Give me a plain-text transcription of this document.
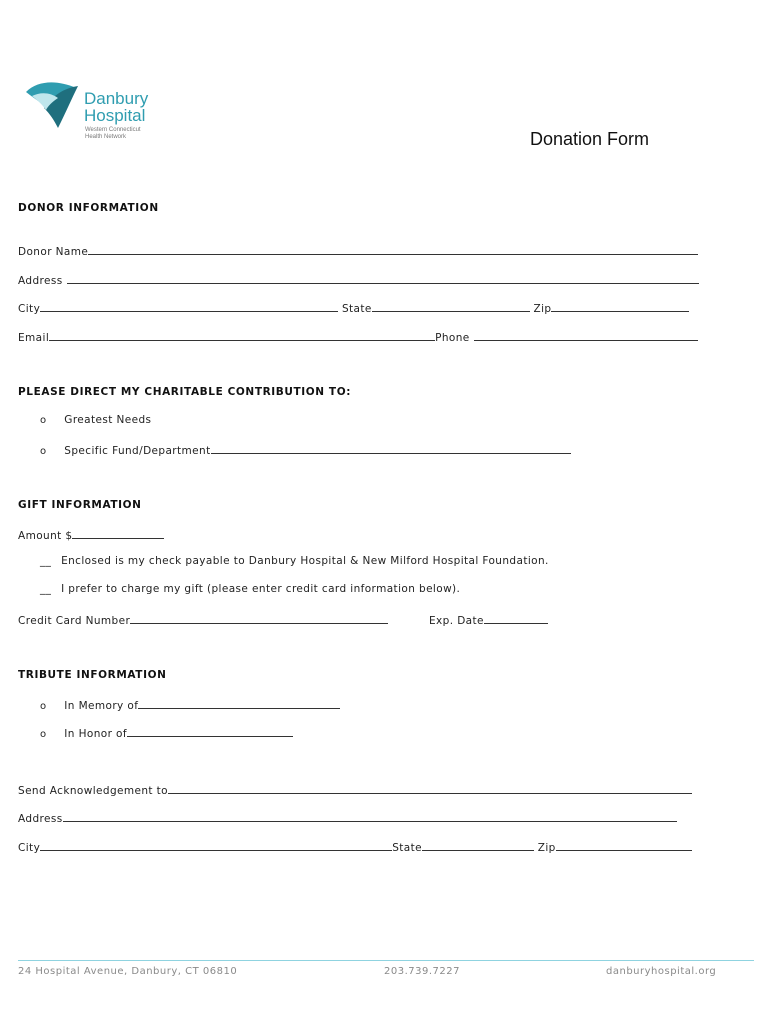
Danbury
Hospital
Western Connecticut
Health Network	Donation Form
DONOR INFORMATION
Donor Name
Address
City	State	Zip
Email	Phone
PLEASE DIRECT MY CHARITABLE CONTRIBUTION TO:
o Greatest Needs
o Specific Fund/Department
GIFT INFORMATION
Amount $
__ Enclosed is my check payable to Danbury Hospital & New Milford Hospital Foundation.
__ I prefer to charge my gift (please enter credit card information below).
Credit Card Number	Exp. Date
TRIBUTE INFORMATION
o In Memory of
o In Honor of
Send Acknowledgement to
Address
City	State	Zip
24 Hospital Avenue, Danbury, CT 06810	203.739.7227	danburyhospital.org
